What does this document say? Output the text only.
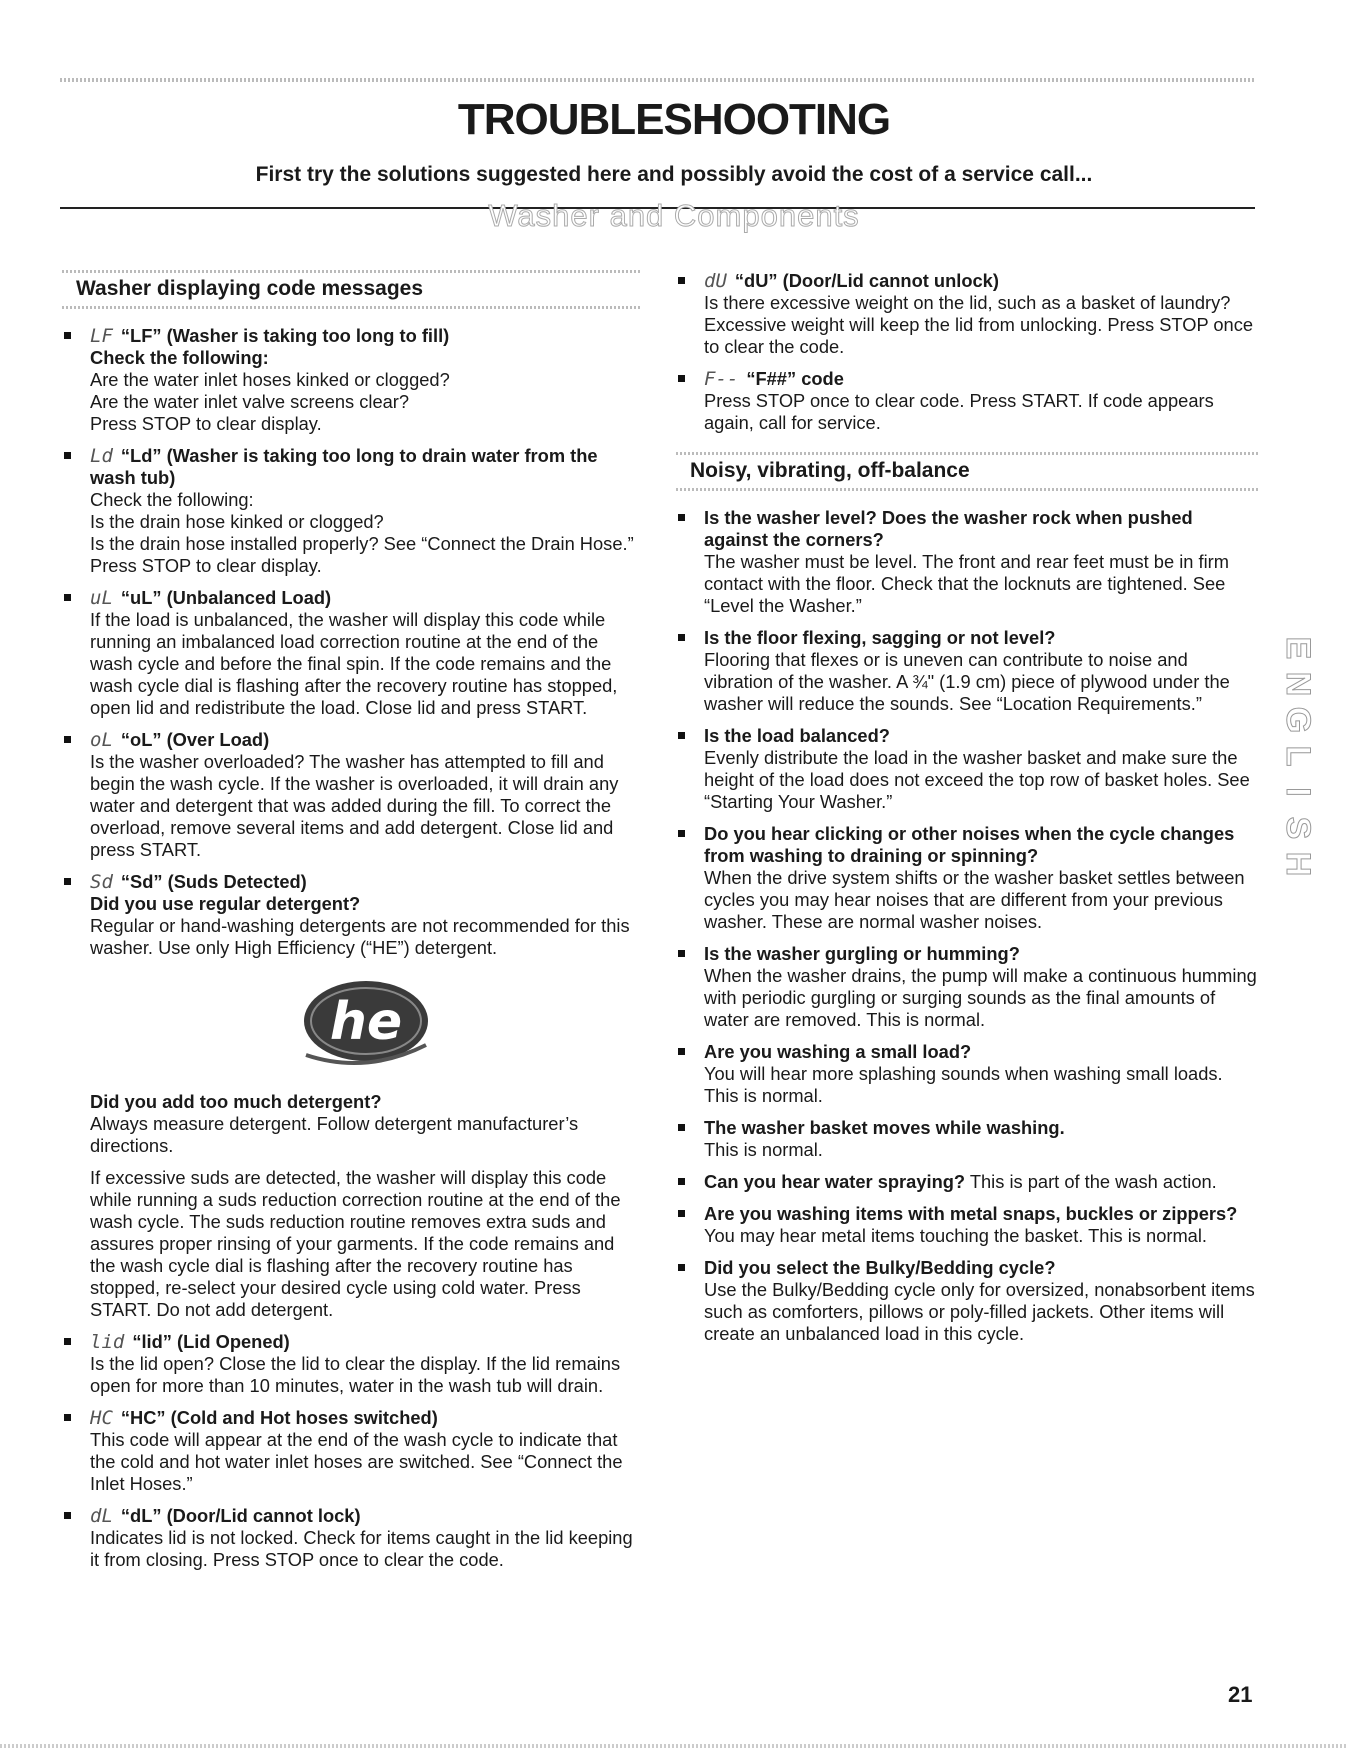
TROUBLESHOOTING
First try the solutions suggested here and possibly avoid the cost of a service call...
Washer and Components
Washer displaying code messages

LF “LF” (Washer is taking too long to fill)

Check the following:

Are the water inlet hoses kinked or clogged?

Are the water inlet valve screens clear?

Press STOP to clear display.

Ld “Ld” (Washer is taking too long to drain water from the wash tub)

Check the following:

Is the drain hose kinked or clogged?

Is the drain hose installed properly? See “Connect the Drain Hose.” Press STOP to clear display.

uL “uL” (Unbalanced Load)

If the load is unbalanced, the washer will display this code while running an imbalanced load correction routine at the end of the wash cycle and before the final spin. If the code remains and the wash cycle dial is flashing after the recovery routine has stopped, open lid and redistribute the load. Close lid and press START.

oL “oL” (Over Load)

Is the washer overloaded? The washer has attempted to fill and begin the wash cycle. If the washer is overloaded, it will drain any water and detergent that was added during the fill. To correct the overload, remove several items and add detergent. Close lid and press START.

Sd “Sd” (Suds Detected)

Did you use regular detergent?

Regular or hand-washing detergents are not recommended for this washer. Use only High Efficiency (“HE”) detergent.

he

Did you add too much detergent?

Always measure detergent. Follow detergent manufacturer’s directions.

If excessive suds are detected, the washer will display this code while running a suds reduction correction routine at the end of the wash cycle. The suds reduction routine removes extra suds and assures proper rinsing of your garments. If the code remains and the wash cycle dial is flashing after the recovery routine has stopped, re-select your desired cycle using cold water. Press START. Do not add detergent.

lid “lid” (Lid Opened)

Is the lid open? Close the lid to clear the display. If the lid remains open for more than 10 minutes, water in the wash tub will drain.

HC “HC” (Cold and Hot hoses switched)

This code will appear at the end of the wash cycle to indicate that the cold and hot water inlet hoses are switched. See “Connect the Inlet Hoses.”

dL “dL” (Door/Lid cannot lock)

Indicates lid is not locked. Check for items caught in the lid keeping it from closing. Press STOP once to clear the code.

dU “dU” (Door/Lid cannot unlock)

Is there excessive weight on the lid, such as a basket of laundry? Excessive weight will keep the lid from unlocking. Press STOP once to clear the code.

F-- “F##” code

Press STOP once to clear code. Press START. If code appears again, call for service.

Noisy, vibrating, off-balance

Is the washer level? Does the washer rock when pushed against the corners?

The washer must be level. The front and rear feet must be in firm contact with the floor. Check that the locknuts are tightened. See “Level the Washer.”

Is the floor flexing, sagging or not level?

Flooring that flexes or is uneven can contribute to noise and vibration of the washer. A ¾" (1.9 cm) piece of plywood under the washer will reduce the sounds. See “Location Requirements.”

Is the load balanced?

Evenly distribute the load in the washer basket and make sure the height of the load does not exceed the top row of basket holes. See “Starting Your Washer.”

Do you hear clicking or other noises when the cycle changes from washing to draining or spinning?

When the drive system shifts or the washer basket settles between cycles you may hear noises that are different from your previous washer. These are normal washer noises.

Is the washer gurgling or humming?

When the washer drains, the pump will make a continuous humming with periodic gurgling or surging sounds as the final amounts of water are removed. This is normal.

Are you washing a small load?

You will hear more splashing sounds when washing small loads. This is normal.

The washer basket moves while washing.

This is normal.

Can you hear water spraying? This is part of the wash action.

Are you washing items with metal snaps, buckles or zippers?

You may hear metal items touching the basket. This is normal.

Did you select the Bulky/Bedding cycle?

Use the Bulky/Bedding cycle only for oversized, nonabsorbent items such as comforters, pillows or poly-filled jackets. Other items will create an unbalanced load in this cycle.

E
N
G
L
I
S
H
21
